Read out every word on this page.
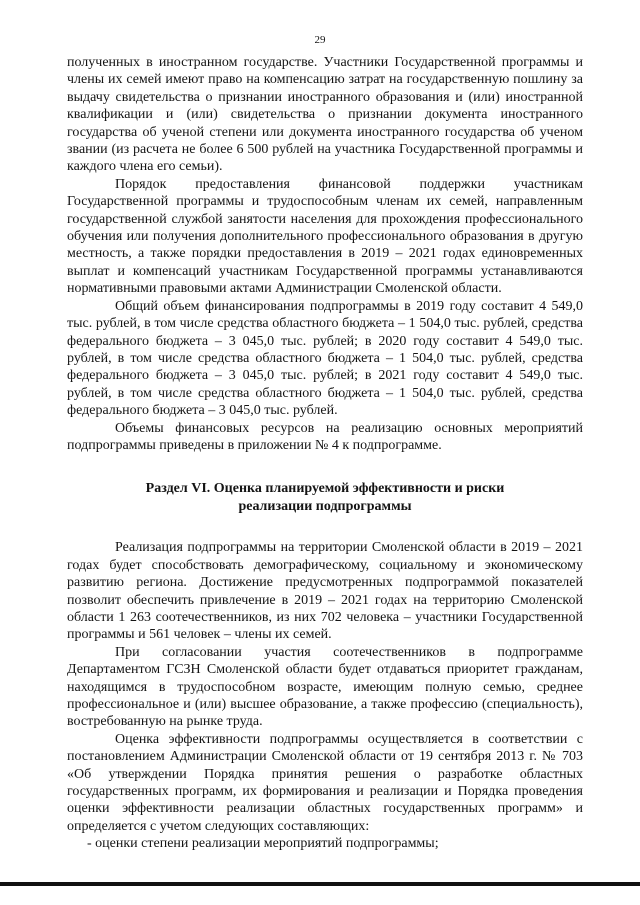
29

полученных в иностранном государстве. Участники Государственной программы и члены их семей имеют право на компенсацию затрат на государственную пошлину за выдачу свидетельства о признании иностранного образования и (или) иностранной квалификации и (или) свидетельства о признании документа иностранного государства об ученой степени или документа иностранного государства об ученом звании (из расчета не более 6 500 рублей на участника Государственной программы и каждого члена его семьи).

Порядок предоставления финансовой поддержки участникам Государственной программы и трудоспособным членам их семей, направленным государственной службой занятости населения для прохождения профессионального обучения или получения дополнительного профессионального образования в другую местность, а также порядки предоставления в 2019 – 2021 годах единовременных выплат и компенсаций участникам Государственной программы устанавливаются нормативными правовыми актами Администрации Смоленской области.

Общий объем финансирования подпрограммы в 2019 году составит 4 549,0 тыс. рублей, в том числе средства областного бюджета – 1 504,0 тыс. рублей, средства федерального бюджета – 3 045,0 тыс. рублей; в 2020 году составит 4 549,0 тыс. рублей, в том числе средства областного бюджета – 1 504,0 тыс. рублей, средства федерального бюджета – 3 045,0 тыс. рублей; в 2021 году составит 4 549,0 тыс. рублей, в том числе средства областного бюджета – 1 504,0 тыс. рублей, средства федерального бюджета – 3 045,0 тыс. рублей.

Объемы финансовых ресурсов на реализацию основных мероприятий подпрограммы приведены в приложении № 4 к подпрограмме.

Раздел VI. Оценка планируемой эффективности и риски реализации подпрограммы

Реализация подпрограммы на территории Смоленской области в 2019 – 2021 годах будет способствовать демографическому, социальному и экономическому развитию региона. Достижение предусмотренных подпрограммой показателей позволит обеспечить привлечение в 2019 – 2021 годах на территорию Смоленской области 1 263 соотечественников, из них 702 человека – участники Государственной программы и 561 человек – члены их семей.

При согласовании участия соотечественников в подпрограмме Департаментом ГСЗН Смоленской области будет отдаваться приоритет гражданам, находящимся в трудоспособном возрасте, имеющим полную семью, среднее профессиональное и (или) высшее образование, а также профессию (специальность), востребованную на рынке труда.

Оценка эффективности подпрограммы осуществляется в соответствии с постановлением Администрации Смоленской области от 19 сентября 2013 г. № 703 «Об утверждении Порядка принятия решения о разработке областных государственных программ, их формирования и реализации и Порядка проведения оценки эффективности реализации областных государственных программ» и определяется с учетом следующих составляющих:

- оценки степени реализации мероприятий подпрограммы;
